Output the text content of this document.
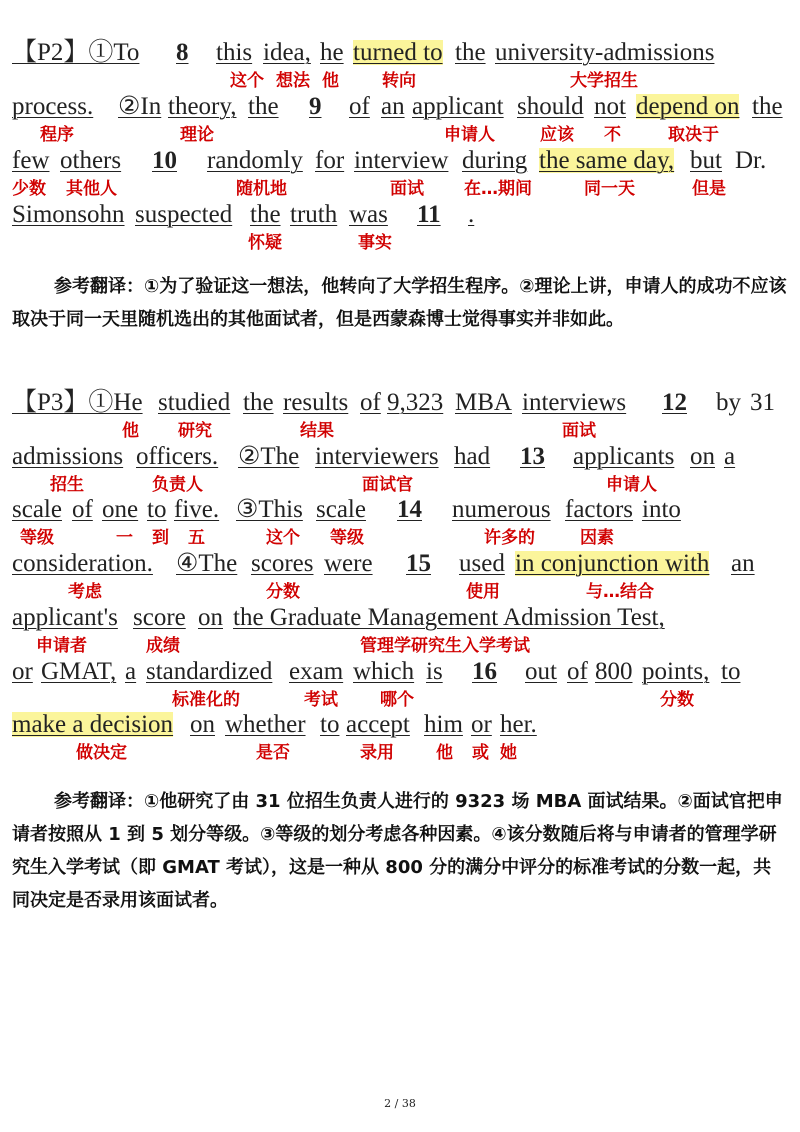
【P2】①To 8 this idea, he turned to the university-admissions
process. ②In theory, the 9 of an applicant should not depend on the
few others 10 randomly for interview during the same day, but Dr.
Simonsohn suspected the truth was 11 .
这个 想法 他	转向	大学招生
程序	理论	申请人	应该 不	取决于
少数 其他人	随机地	面试 在…期间	同一天	但是
怀疑	事实
参考翻译：①为了验证这一想法，他转向了大学招生程序。②理论上讲，申请人的成功不应该取决于同一天里随机选出的其他面试者，但是西蒙森博士觉得事实并非如此。
【P3】①He studied the results of 9,323 MBA interviews 12 by 31
admissions officers. ②The interviewers had 13 applicants on a
scale of one to five. ③This scale 14 numerous factors into
consideration. ④The scores were 15 used in conjunction with an
applicant's score on the Graduate Management Admission Test,
or GMAT, a standardized exam which is 16 out of 800 points, to
make a decision on whether to accept him or her.
他 研究	结果	面试
招生	负责人	面试官	申请人
等级	一 到 五	这个 等级	许多的	因素
考虑	分数	使用	与…结合
申请者	成绩	管理学研究生入学考试
标准化的	考试 哪个	分数
做决定	是否	录用 他 或 她
参考翻译：①他研究了由 31 位招生负责人进行的 9323 场 MBA 面试结果。②面试官把申请者按照从 1 到 5 划分等级。③等级的划分考虑各种因素。④该分数随后将与申请者的管理学研究生入学考试（即 GMAT 考试），这是一种从 800 分的满分中评分的标准考试的分数一起，共同决定是否录用该面试者。
2 / 38
